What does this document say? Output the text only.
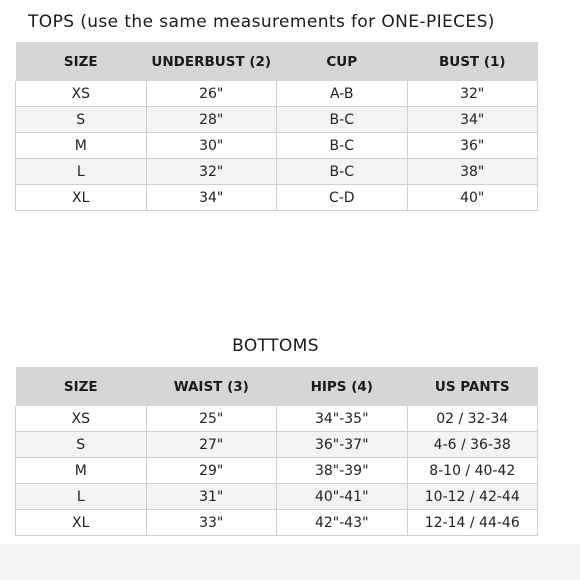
TOPS (use the same measurements for ONE-PIECES)
SIZE	UNDERBUST (2)	CUP	BUST (1)
XS	26"	A-B	32"
S	28"	B-C	34"
M	30"	B-C	36"
L	32"	B-C	38"
XL	34"	C-D	40"
BOTTOMS
SIZE	WAIST (3)	HIPS (4)	US PANTS
XS	25"	34"-35"	02 / 32-34
S	27"	36"-37"	4-6 / 36-38
M	29"	38"-39"	8-10 / 40-42
L	31"	40"-41"	10-12 / 42-44
XL	33"	42"-43"	12-14 / 44-46
